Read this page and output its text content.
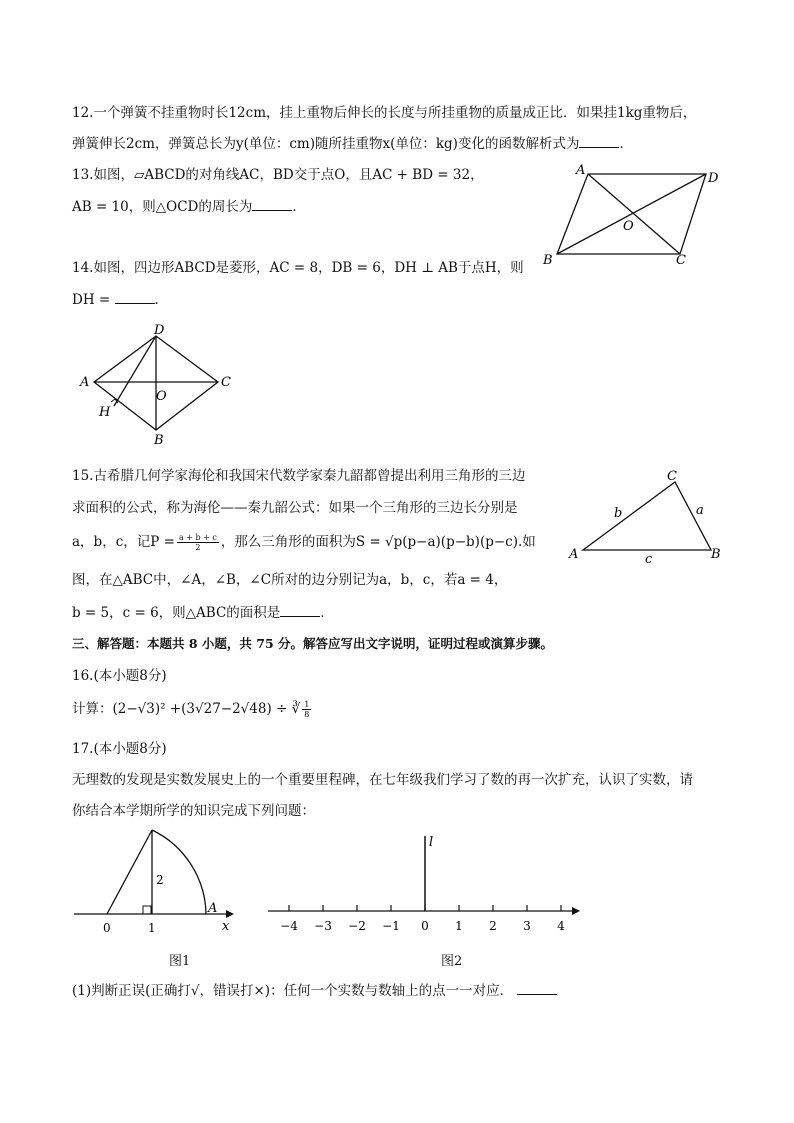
12.一个弹簧不挂重物时长12cm，挂上重物后伸长的长度与所挂重物的质量成正比．如果挂1kg重物后，
弹簧伸长2cm，弹簧总长为y(单位：cm)随所挂重物x(单位：kg)变化的函数解析式为	．
13.如图，▱ABCD的对角线AC，BD交于点O，且AC + BD = 32，
AB = 10，则△OCD的周长为	．
A
D
B	C
O
14.如图，四边形ABCD是菱形，AC = 8，DB = 6，DH ⊥ AB于点H，则
DH =	．
D
A	C
B
O
H
15.古希腊几何学家海伦和我国宋代数学家秦九韶都曾提出利用三角形的三边
求面积的公式，称为海伦——秦九韶公式：如果一个三角形的三边长分别是
a，b，c，记$P = \frac{a + b + c}{2}$ ，那么三角形的面积为S = √p(p−a)(p−b)(p−c).如
图，在△ABC中，∠A，∠B，∠C所对的边分别记为a，b，c，若a = 4，
b = 5，c = 6，则△ABC的面积是	．
C
A	B
b	a
c
三、解答题：本题共 8 小题，共 75 分。解答应写出文字说明，证明过程或演算步骤。
16.(本小题8分)
计算：(2−√3)² +(3√27−2√48) ÷ ∛ $\frac{1}{8}$
17.(本小题8分)
无理数的发现是实数发展史上的一个重要里程碑，在七年级我们学习了数的再一次扩充，认识了实数，请
你结合本学期所学的知识完成下列问题：
0	1
2
A
x
图1
l
−4 −3 −2 −1 0 1 2 3 4
图2
(1)判断正误(正确打√，错误打×)：任何一个实数与数轴上的点一一对应．
